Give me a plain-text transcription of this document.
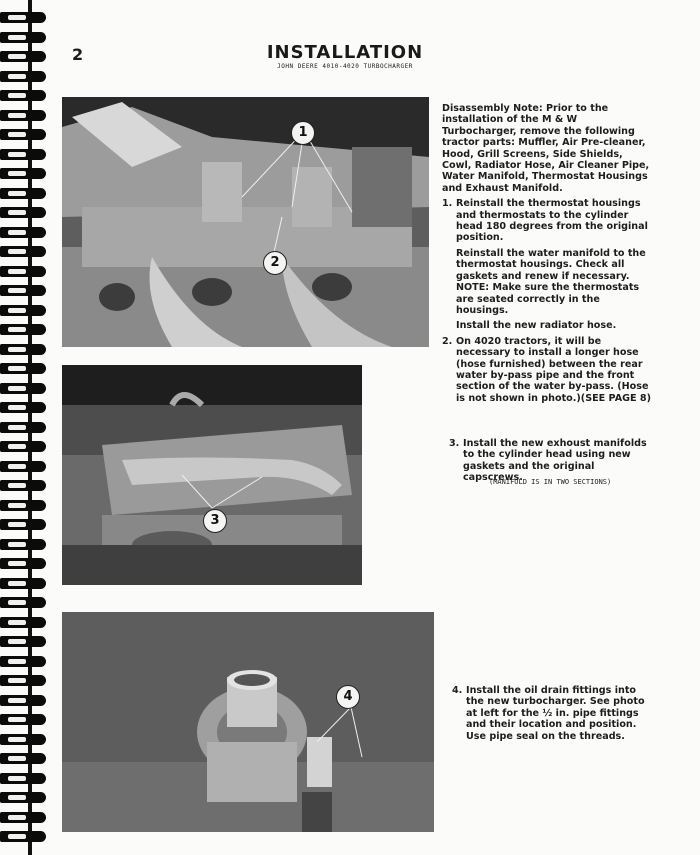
2	INSTALLATION
JOHN DEERE 4010-4020 TURBOCHARGER
1
2
3
4

Disassembly Note: Prior to the installation of the M & W Turbocharger, remove the following tractor parts: Muffler, Air Pre-cleaner, Hood, Grill Screens, Side Shields, Cowl, Radiator Hose, Air Cleaner Pipe, Water Manifold, Thermostat Housings and Exhaust Manifold.

1. Reinstall the thermostat housings and thermostats to the cylinder head 180 degrees from the original position.

Reinstall the water manifold to the thermostat housings. Check all gaskets and renew if necessary. NOTE: Make sure the thermostats are seated correctly in the housings.

Install the new radiator hose.

2. On 4020 tractors, it will be necessary to install a longer hose (hose furnished) between the rear water by-pass pipe and the front section of the water by-pass. (Hose is not shown in photo.)(SEE PAGE 8)

3. Install the new exhoust manifolds to the cylinder head using new gaskets and the original capscrews.

(MANIFOLD IS IN TWO SECTIONS)
4. Install the oil drain fittings into the new turbocharger. See photo at left for the ½ in. pipe fittings and their location and position. Use pipe seal on the threads.
